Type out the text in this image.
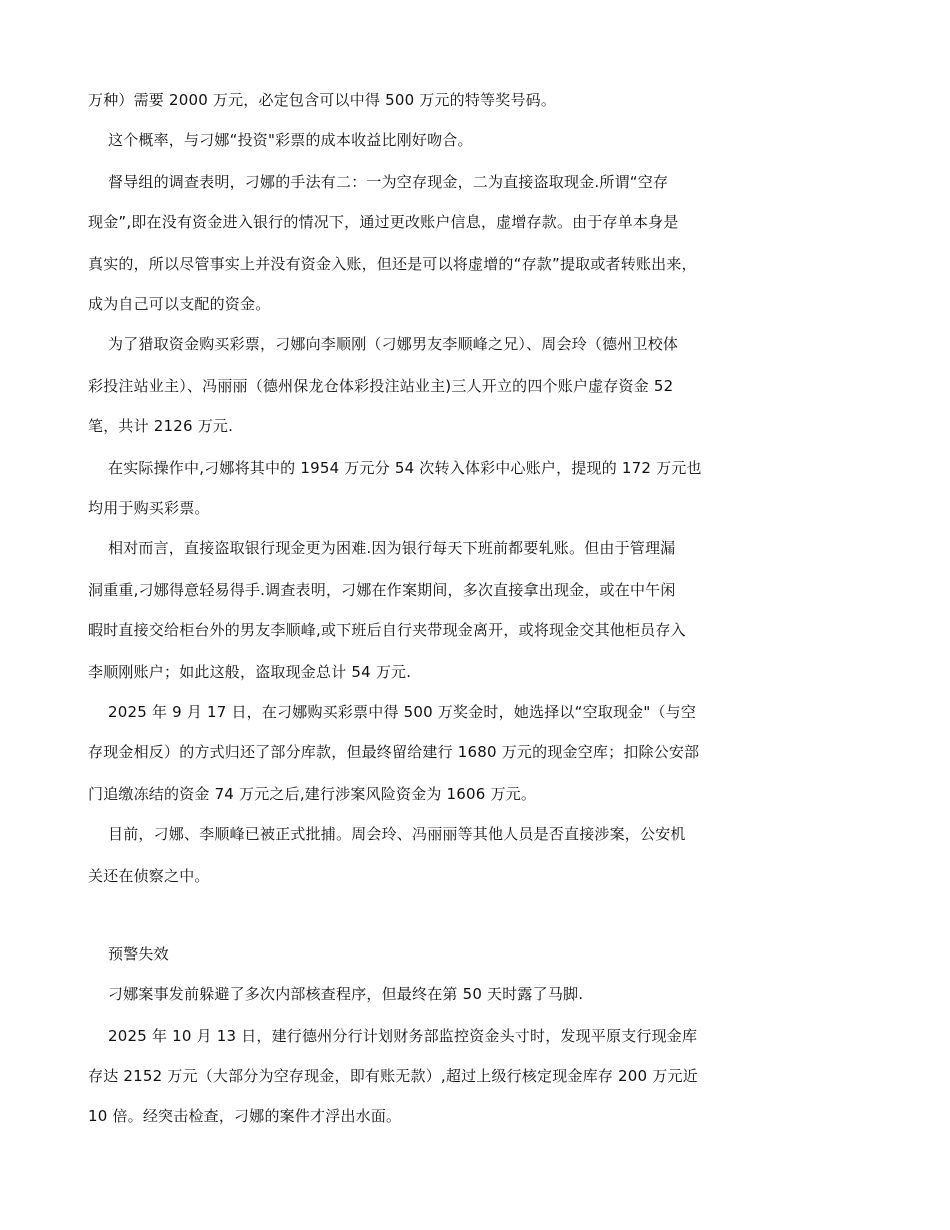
万种）需要 2000 万元，必定包含可以中得 500 万元的特等奖号码。
这个概率，与刁娜“投资"彩票的成本收益比刚好吻合。
督导组的调查表明，刁娜的手法有二：一为空存现金，二为直接盗取现金.所谓“空存
现金”,即在没有资金进入银行的情况下，通过更改账户信息，虚增存款。由于存单本身是
真实的，所以尽管事实上并没有资金入账，但还是可以将虚增的“存款”提取或者转账出来，
成为自己可以支配的资金。
为了猎取资金购买彩票，刁娜向李顺刚（刁娜男友李顺峰之兄）、周会玲（德州卫校体
彩投注站业主）、冯丽丽（德州保龙仓体彩投注站业主)三人开立的四个账户虚存资金 52
笔，共计 2126 万元.
在实际操作中,刁娜将其中的 1954 万元分 54 次转入体彩中心账户，提现的 172 万元也
均用于购买彩票。
相对而言，直接盗取银行现金更为困难.因为银行每天下班前都要轧账。但由于管理漏
洞重重,刁娜得意轻易得手.调查表明，刁娜在作案期间，多次直接拿出现金，或在中午闲
暇时直接交给柜台外的男友李顺峰,或下班后自行夹带现金离开，或将现金交其他柜员存入
李顺刚账户；如此这般，盗取现金总计 54 万元.
2025 年 9 月 17 日，在刁娜购买彩票中得 500 万奖金时，她选择以“空取现金"（与空
存现金相反）的方式归还了部分库款，但最终留给建行 1680 万元的现金空库；扣除公安部
门追缴冻结的资金 74 万元之后,建行涉案风险资金为 1606 万元。
目前，刁娜、李顺峰已被正式批捕。周会玲、冯丽丽等其他人员是否直接涉案，公安机
关还在侦察之中。
预警失效
刁娜案事发前躲避了多次内部核查程序，但最终在第 50 天时露了马脚.
2025 年 10 月 13 日，建行德州分行计划财务部监控资金头寸时，发现平原支行现金库
存达 2152 万元（大部分为空存现金，即有账无款）,超过上级行核定现金库存 200 万元近
10 倍。经突击检查，刁娜的案件才浮出水面。
